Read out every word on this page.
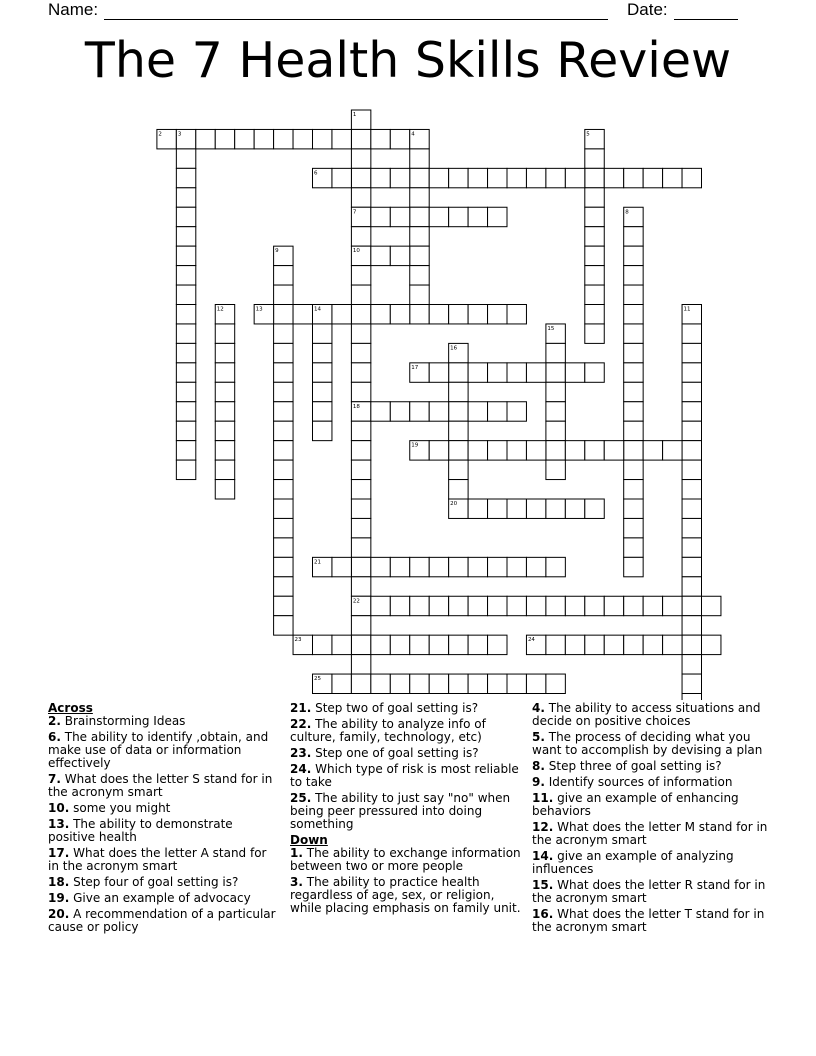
Name:	Date:
The 7 Health Skills Review
1
2	3	4	5
6
7	8
9	10
11
12	13	14
15
16
17
18
19
20
21
22
23	24
25
Across
2. Brainstorming Ideas
6. The ability to identify ,obtain, and make use of data or information effectively
7. What does the letter S stand for in the acronym smart
10. some you might
13. The ability to demonstrate positive health
17. What does the letter A stand for in the acronym smart
18. Step four of goal setting is?
19. Give an example of advocacy
20. A recommendation of a particular cause or policy
21. Step two of goal setting is?
22. The ability to analyze info of culture, family, technology, etc)
23. Step one of goal setting is?
24. Which type of risk is most reliable to take
25. The ability to just say "no" when being peer pressured into doing something
Down
1. The ability to exchange information between two or more people
3. The ability to practice health regardless of age, sex, or religion, while placing emphasis on family unit.
4. The ability to access situations and decide on positive choices
5. The process of deciding what you want to accomplish by devising a plan
8. Step three of goal setting is?
9. Identify sources of information
11. give an example of enhancing behaviors
12. What does the letter M stand for in the acronym smart
14. give an example of analyzing influences
15. What does the letter R stand for in the acronym smart
16. What does the letter T stand for in the acronym smart
